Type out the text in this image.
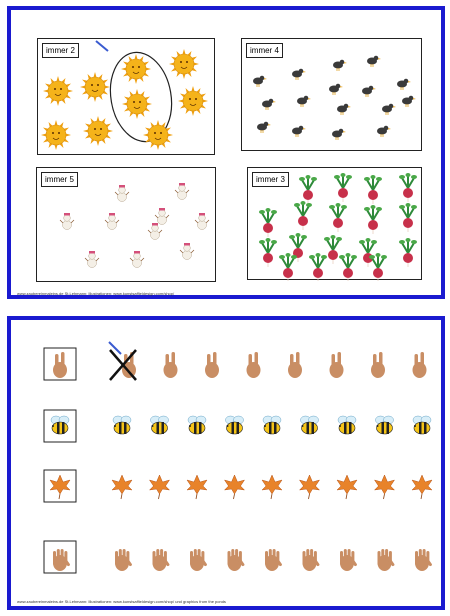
immer 2	immer 4
immer 5	immer 3
www.zaubereinmaleins.de St.Lehmann: Illustrationen: www.kunstsaffieldesign.com/shop/
www.zaubereinmaleins.de St.Lehmann: Illustrationen: www.kunstsaffieldesign.com/shop/ und graphics from the ponds
